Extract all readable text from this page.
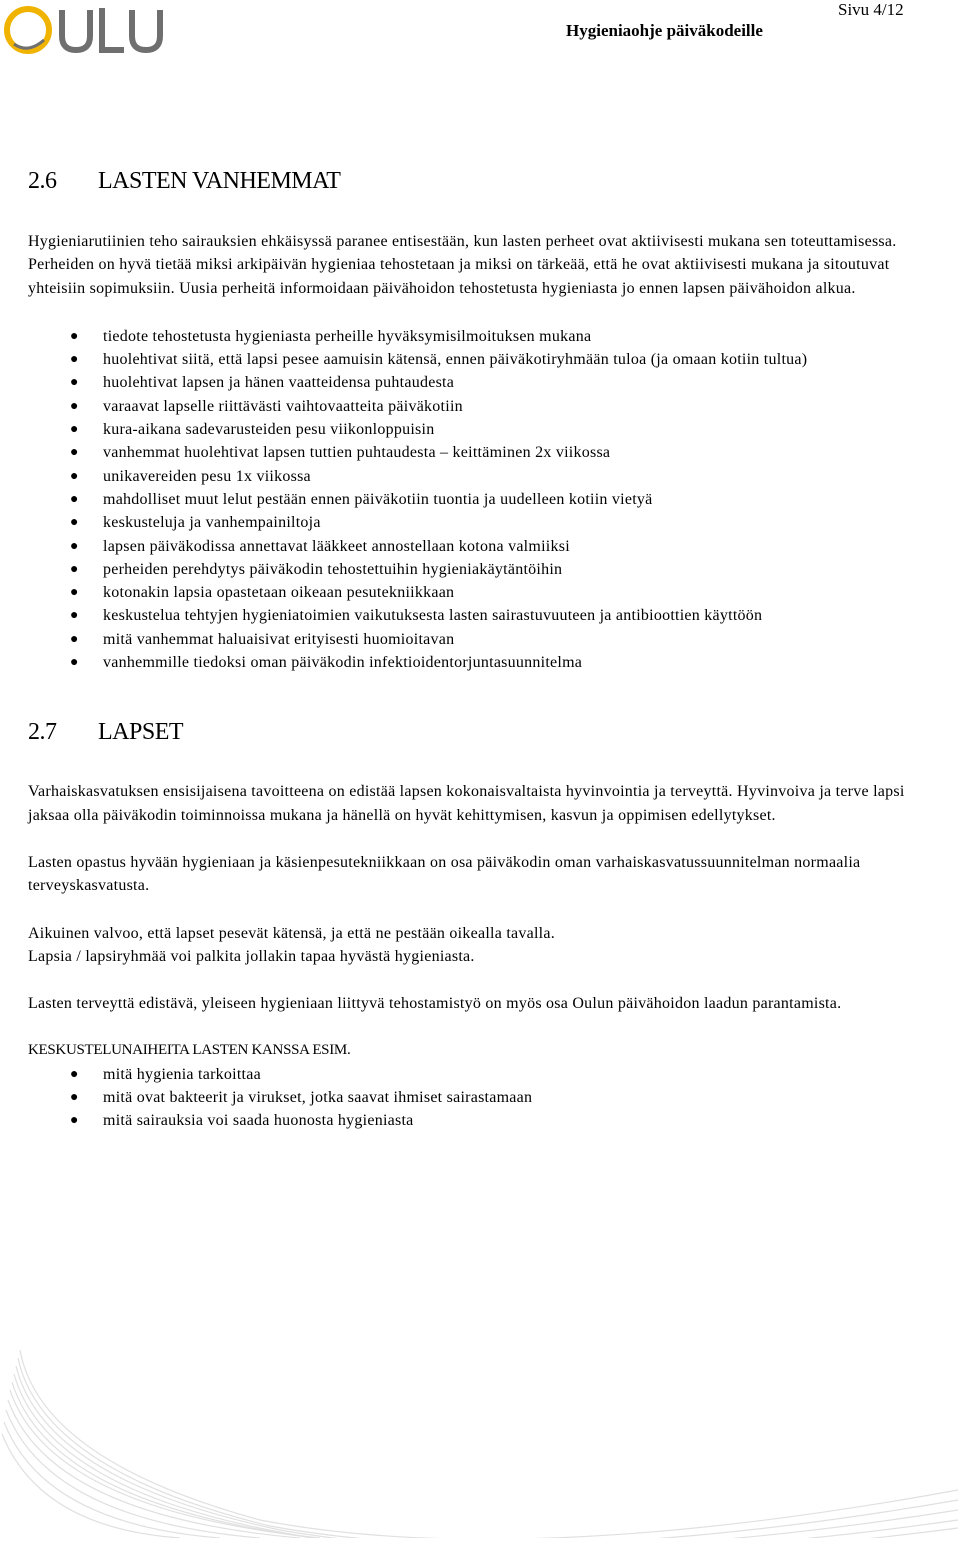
Hygieniaohje päiväkodeille
Sivu 4/12
2.6	LASTEN VANHEMMAT

Hygieniarutiinien teho sairauksien ehkäisyssä paranee entisestään, kun lasten perheet ovat aktiivisesti mukana sen toteuttamisessa. Perheiden on hyvä tietää miksi arkipäivän hygieniaa tehostetaan ja miksi on tärkeää, että he ovat aktiivisesti mukana ja sitoutuvat yhteisiin sopimuksiin. Uusia perheitä informoidaan päivähoidon tehostetusta hygieniasta jo ennen lapsen päivähoidon alkua.

● tiedote tehostetusta hygieniasta perheille hyväksymisilmoituksen mukana
● huolehtivat siitä, että lapsi pesee aamuisin kätensä, ennen päiväkotiryhmään tuloa (ja omaan kotiin tultua)
● huolehtivat lapsen ja hänen vaatteidensa puhtaudesta
● varaavat lapselle riittävästi vaihtovaatteita päiväkotiin
● kura-aikana sadevarusteiden pesu viikonloppuisin
● vanhemmat huolehtivat lapsen tuttien puhtaudesta – keittäminen 2x viikossa
● unikavereiden pesu 1x viikossa
● mahdolliset muut lelut pestään ennen päiväkotiin tuontia ja uudelleen kotiin vietyä
● keskusteluja ja vanhempainiltoja
● lapsen päiväkodissa annettavat lääkkeet annostellaan kotona valmiiksi
● perheiden perehdytys päiväkodin tehostettuihin hygieniakäytäntöihin
● kotonakin lapsia opastetaan oikeaan pesutekniikkaan
● keskustelua tehtyjen hygieniatoimien vaikutuksesta lasten sairastuvuuteen ja antibioottien käyttöön
● mitä vanhemmat haluaisivat erityisesti huomioitavan
● vanhemmille tiedoksi oman päiväkodin infektioidentorjuntasuunnitelma
2.7	LAPSET

Varhaiskasvatuksen ensisijaisena tavoitteena on edistää lapsen kokonaisvaltaista hyvinvointia ja terveyttä. Hyvinvoiva ja terve lapsi jaksaa olla päiväkodin toiminnoissa mukana ja hänellä on hyvät kehittymisen, kasvun ja oppimisen edellytykset.

Lasten opastus hyvään hygieniaan ja käsienpesutekniikkaan on osa päiväkodin oman varhaiskasvatussuunnitelman normaalia terveyskasvatusta.

Aikuinen valvoo, että lapset pesevät kätensä, ja että ne pestään oikealla tavalla.

Lapsia / lapsiryhmää voi palkita jollakin tapaa hyvästä hygieniasta.

Lasten terveyttä edistävä, yleiseen hygieniaan liittyvä tehostamistyö on myös osa Oulun päivähoidon laadun parantamista.

KESKUSTELUNAIHEITA LASTEN KANSSA ESIM.
● mitä hygienia tarkoittaa
● mitä ovat bakteerit ja virukset, jotka saavat ihmiset sairastamaan
● mitä sairauksia voi saada huonosta hygieniasta
